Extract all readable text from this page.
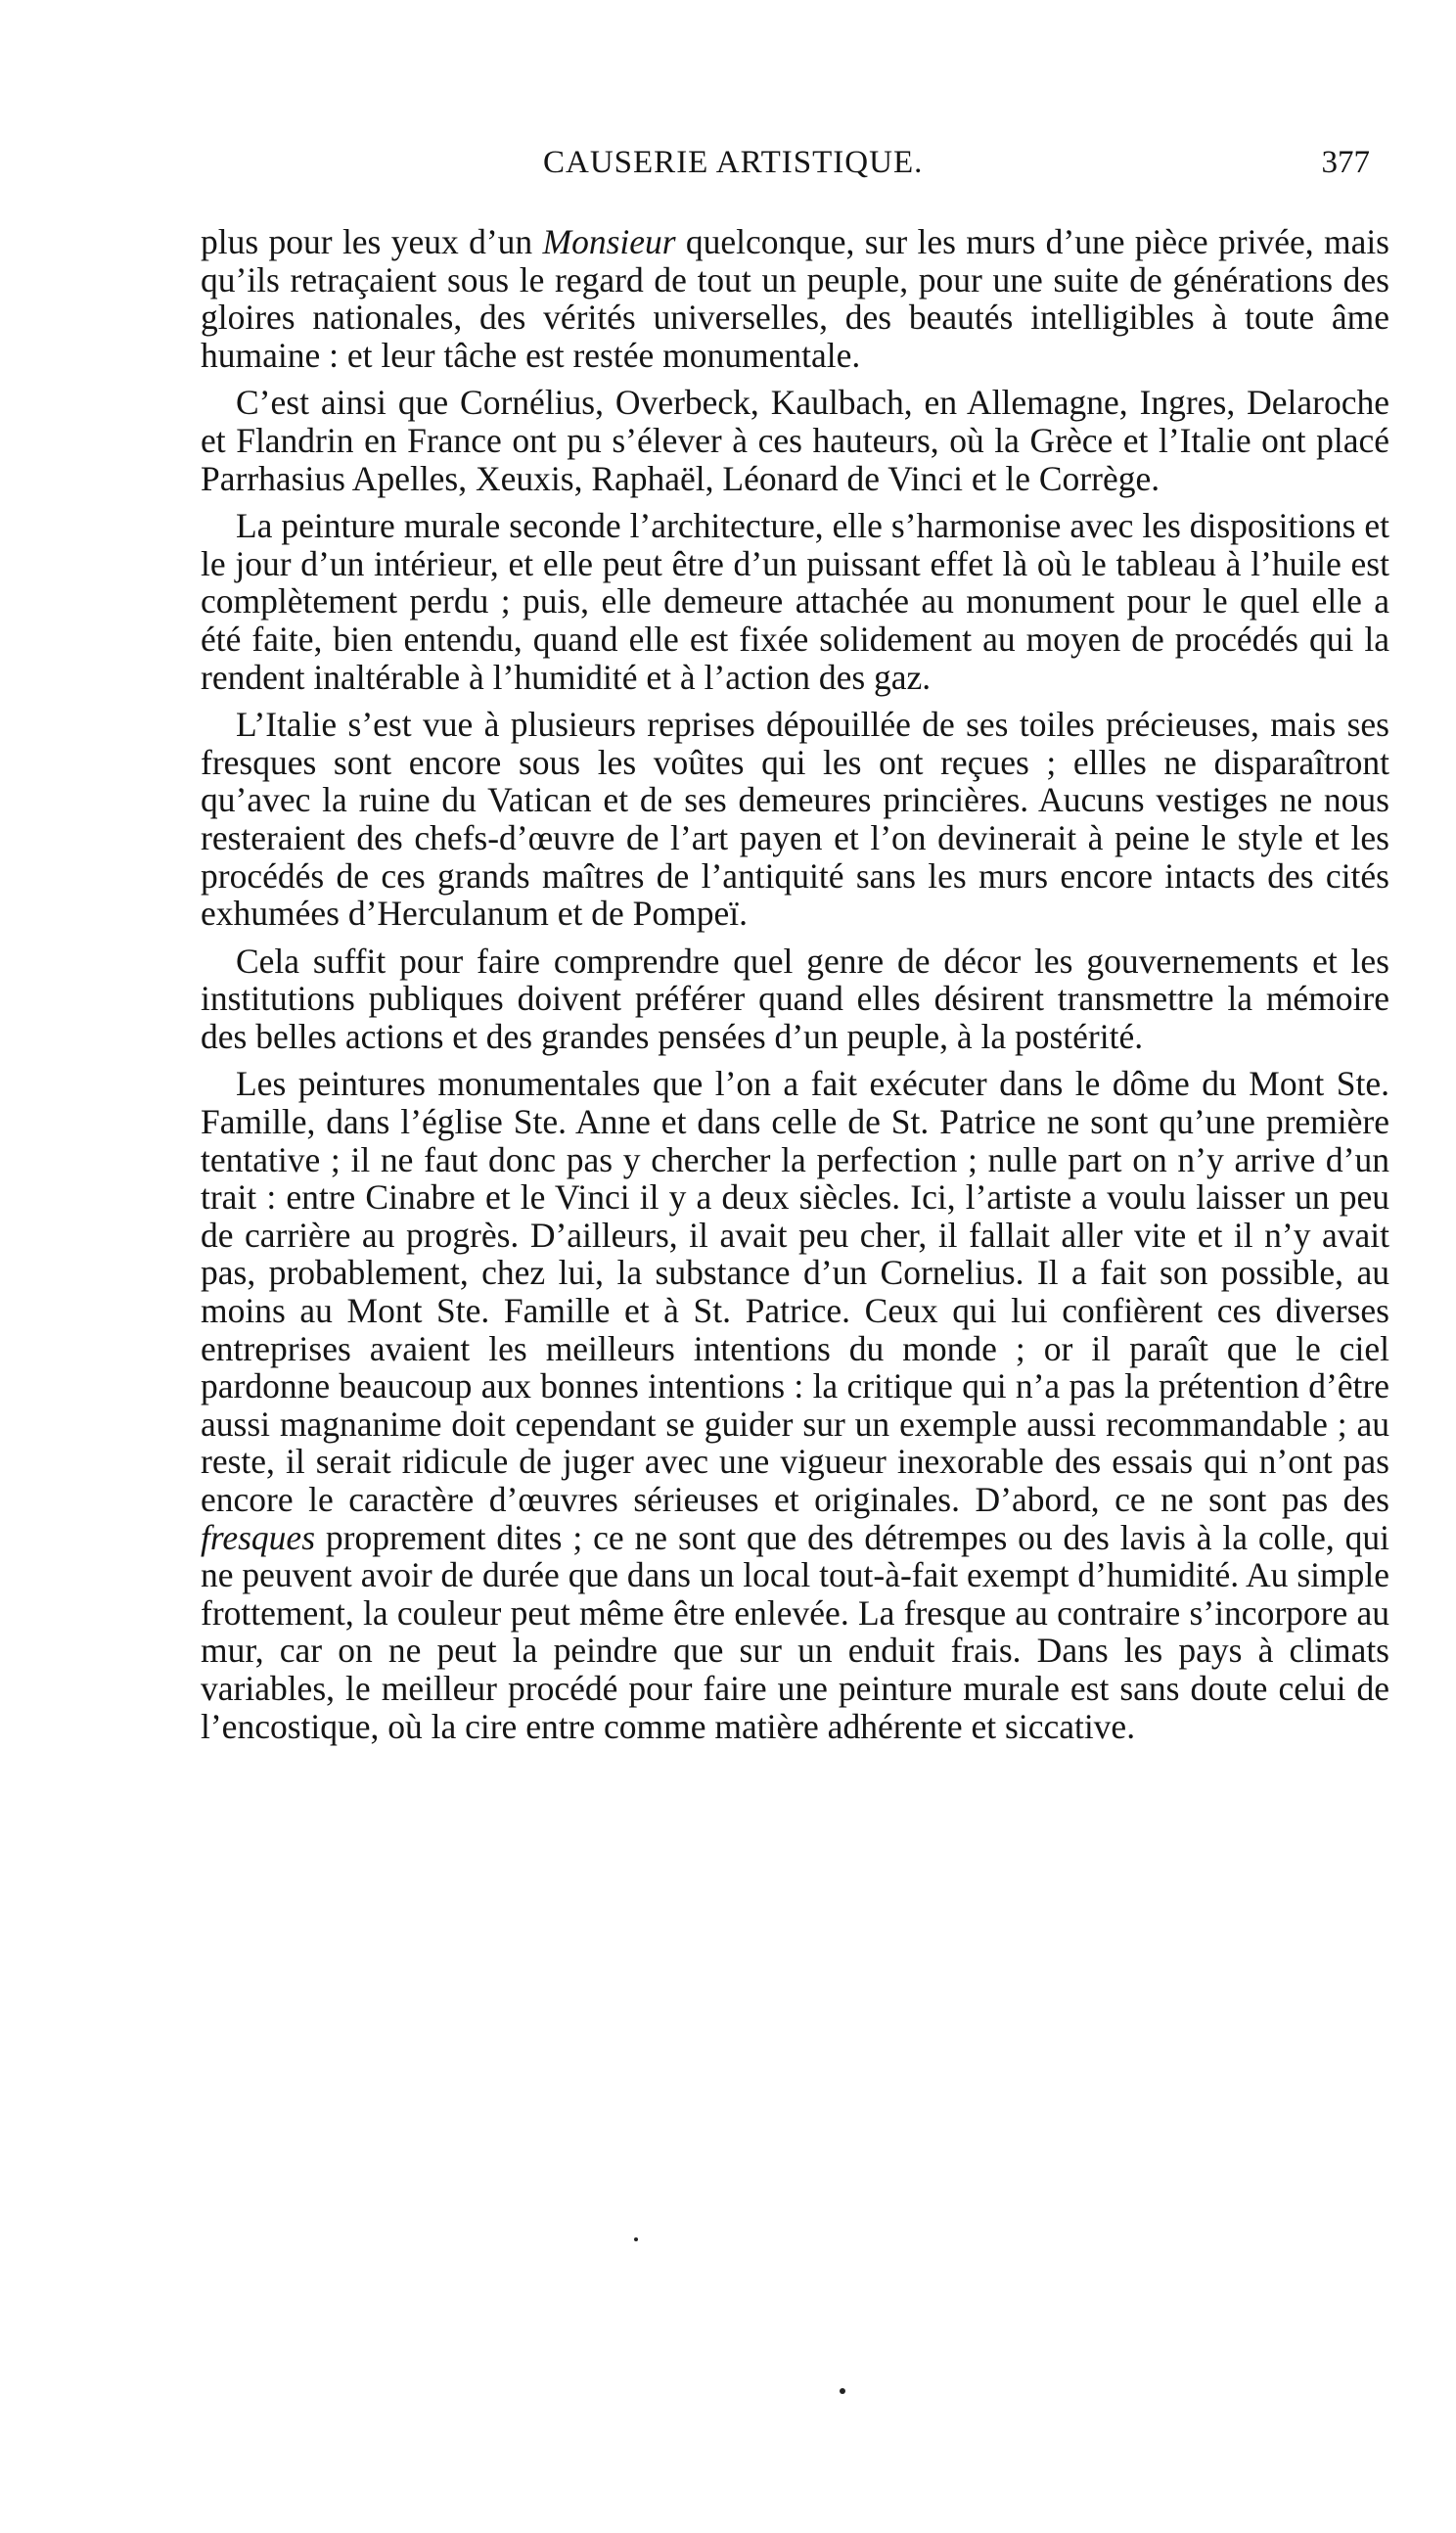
CAUSERIE ARTISTIQUE.	377

plus pour les yeux d’un Monsieur quelconque, sur les murs d’une pièce privée, mais qu’ils retraçaient sous le regard de tout un peuple, pour une suite de générations des gloires nationales, des vérités universelles, des beautés intelligibles à toute âme humaine : et leur tâche est restée monumentale.

C’est ainsi que Cornélius, Overbeck, Kaulbach, en Allemagne, Ingres, Delaroche et Flandrin en France ont pu s’élever à ces hauteurs, où la Grèce et l’Italie ont placé Parrhasius Apelles, Xeuxis, Raphaël, Léonard de Vinci et le Corrège.

La peinture murale seconde l’architecture, elle s’harmonise avec les dispositions et le jour d’un intérieur, et elle peut être d’un puissant effet là où le tableau à l’huile est complètement perdu ; puis, elle demeure attachée au monument pour le quel elle a été faite, bien entendu, quand elle est fixée solidement au moyen de procédés qui la rendent inaltérable à l’humidité et à l’action des gaz.

L’Italie s’est vue à plusieurs reprises dépouillée de ses toiles précieuses, mais ses fresques sont encore sous les voûtes qui les ont reçues ; ellles ne disparaîtront qu’avec la ruine du Vatican et de ses demeures princières. Aucuns vestiges ne nous resteraient des chefs-d’œuvre de l’art payen et l’on devinerait à peine le style et les procédés de ces grands maîtres de l’antiquité sans les murs encore intacts des cités exhumées d’Herculanum et de Pompeï.

Cela suffit pour faire comprendre quel genre de décor les gouvernements et les institutions publiques doivent préférer quand elles désirent transmettre la mémoire des belles actions et des grandes pensées d’un peuple, à la postérité.

Les peintures monumentales que l’on a fait exécuter dans le dôme du Mont Ste. Famille, dans l’église Ste. Anne et dans celle de St. Patrice ne sont qu’une première tentative ; il ne faut donc pas y chercher la perfection ; nulle part on n’y arrive d’un trait : entre Cinabre et le Vinci il y a deux siècles. Ici, l’artiste a voulu laisser un peu de carrière au progrès. D’ailleurs, il avait peu cher, il fallait aller vite et il n’y avait pas, probablement, chez lui, la substance d’un Cornelius. Il a fait son possible, au moins au Mont Ste. Famille et à St. Patrice. Ceux qui lui confièrent ces diverses entreprises avaient les meilleurs intentions du monde ; or il paraît que le ciel pardonne beaucoup aux bonnes intentions : la critique qui n’a pas la prétention d’être aussi magnanime doit cependant se guider sur un exemple aussi recommandable ; au reste, il serait ridicule de juger avec une vigueur inexorable des essais qui n’ont pas encore le caractère d’œuvres sérieuses et originales. D’abord, ce ne sont pas des fresques proprement dites ; ce ne sont que des détrempes ou des lavis à la colle, qui ne peuvent avoir de durée que dans un local tout-à-fait exempt d’humidité. Au simple frottement, la couleur peut même être enlevée. La fresque au contraire s’incorpore au mur, car on ne peut la peindre que sur un enduit frais. Dans les pays à climats variables, le meilleur procédé pour faire une peinture murale est sans doute celui de l’encostique, où la cire entre comme matière adhérente et siccative.
